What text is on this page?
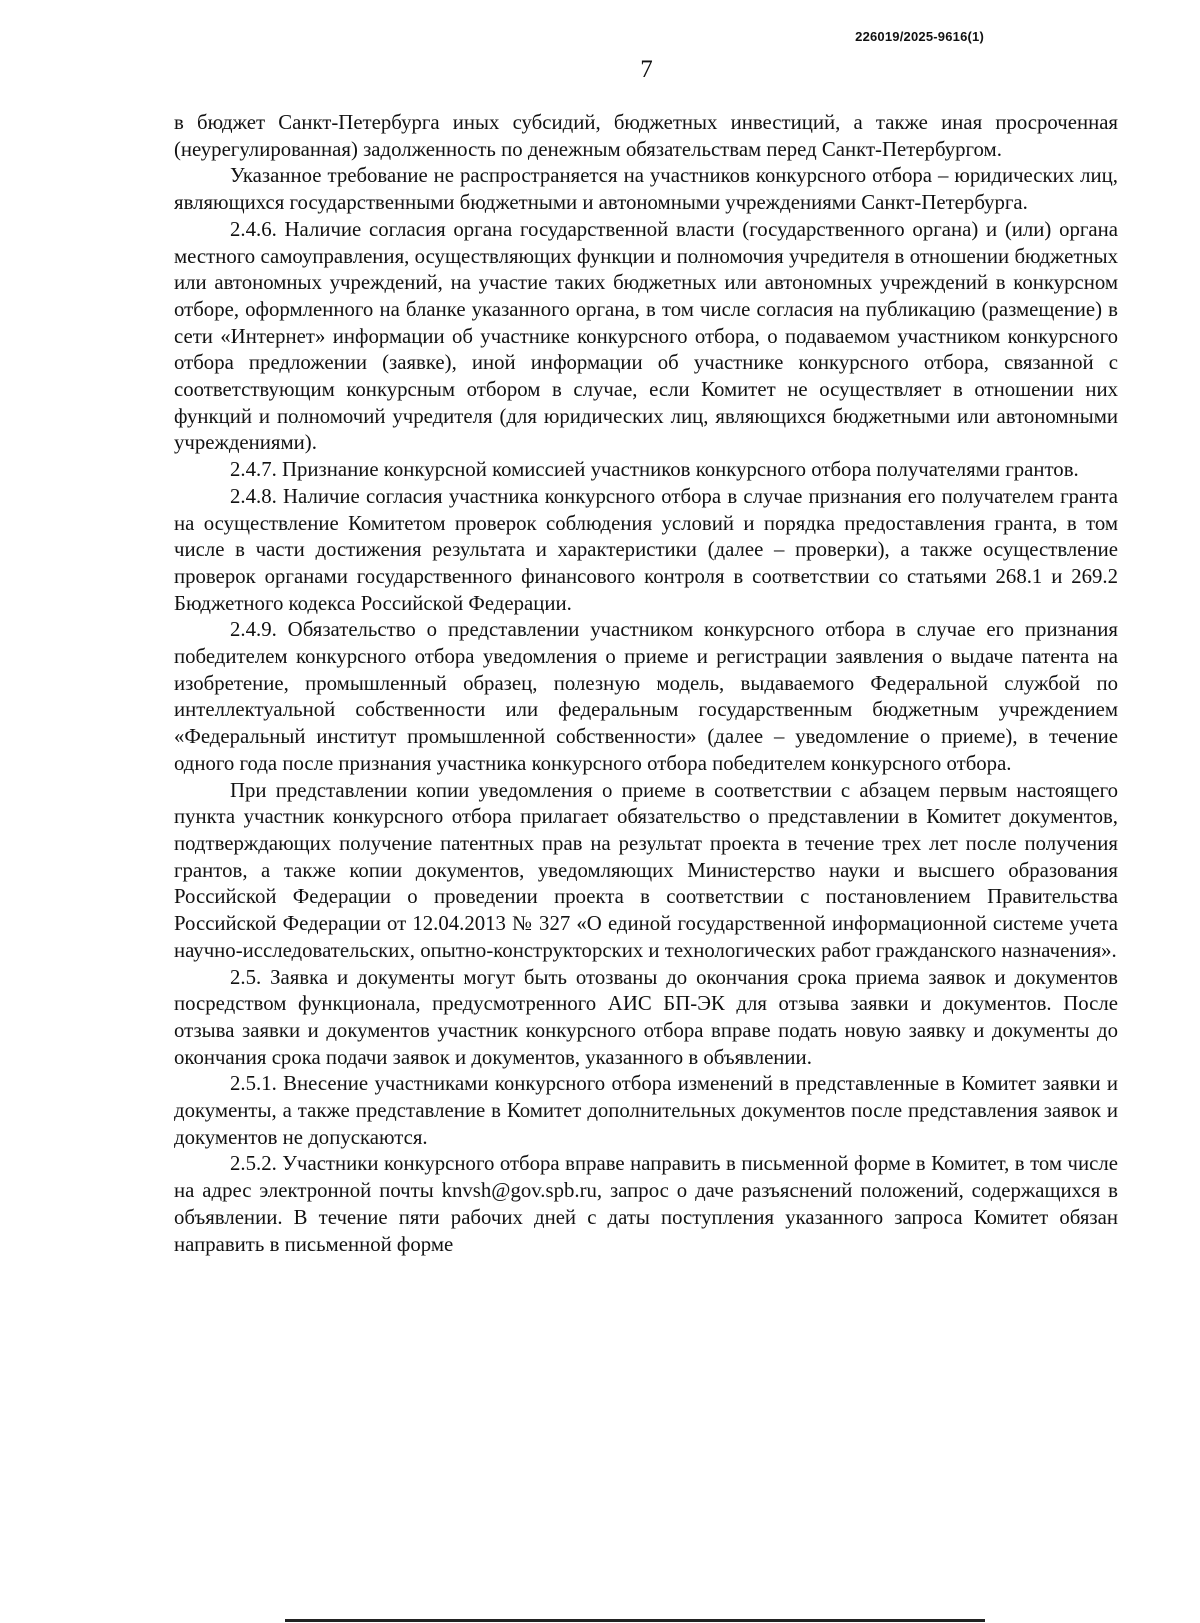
226019/2025-9616(1)
7

в бюджет Санкт-Петербурга иных субсидий, бюджетных инвестиций, а также иная просроченная (неурегулированная) задолженность по денежным обязательствам перед Санкт-Петербургом.

Указанное требование не распространяется на участников конкурсного отбора – юридических лиц, являющихся государственными бюджетными и автономными учреждениями Санкт-Петербурга.

2.4.6. Наличие согласия органа государственной власти (государственного органа) и (или) органа местного самоуправления, осуществляющих функции и полномочия учредителя в отношении бюджетных или автономных учреждений, на участие таких бюджетных или автономных учреждений в конкурсном отборе, оформленного на бланке указанного органа, в том числе согласия на публикацию (размещение) в сети «Интернет» информации об участнике конкурсного отбора, о подаваемом участником конкурсного отбора предложении (заявке), иной информации об участнике конкурсного отбора, связанной с соответствующим конкурсным отбором в случае, если Комитет не осуществляет в отношении них функций и полномочий учредителя (для юридических лиц, являющихся бюджетными или автономными учреждениями).

2.4.7. Признание конкурсной комиссией участников конкурсного отбора получателями грантов.

2.4.8. Наличие согласия участника конкурсного отбора в случае признания его получателем гранта на осуществление Комитетом проверок соблюдения условий и порядка предоставления гранта, в том числе в части достижения результата и характеристики (далее – проверки), а также осуществление проверок органами государственного финансового контроля в соответствии со статьями 268.1 и 269.2 Бюджетного кодекса Российской Федерации.

2.4.9. Обязательство о представлении участником конкурсного отбора в случае его признания победителем конкурсного отбора уведомления о приеме и регистрации заявления о выдаче патента на изобретение, промышленный образец, полезную модель, выдаваемого Федеральной службой по интеллектуальной собственности или федеральным государственным бюджетным учреждением «Федеральный институт промышленной собственности» (далее – уведомление о приеме), в течение одного года после признания участника конкурсного отбора победителем конкурсного отбора.

При представлении копии уведомления о приеме в соответствии с абзацем первым настоящего пункта участник конкурсного отбора прилагает обязательство о представлении в Комитет документов, подтверждающих получение патентных прав на результат проекта в течение трех лет после получения грантов, а также копии документов, уведомляющих Министерство науки и высшего образования Российской Федерации о проведении проекта в соответствии с постановлением Правительства Российской Федерации от 12.04.2013 № 327 «О единой государственной информационной системе учета научно-исследовательских, опытно-конструкторских и технологических работ гражданского назначения».

2.5. Заявка и документы могут быть отозваны до окончания срока приема заявок и документов посредством функционала, предусмотренного АИС БП-ЭК для отзыва заявки и документов. После отзыва заявки и документов участник конкурсного отбора вправе подать новую заявку и документы до окончания срока подачи заявок и документов, указанного в объявлении.

2.5.1. Внесение участниками конкурсного отбора изменений в представленные в Комитет заявки и документы, а также представление в Комитет дополнительных документов после представления заявок и документов не допускаются.

2.5.2. Участники конкурсного отбора вправе направить в письменной форме в Комитет, в том числе на адрес электронной почты knvsh@gov.spb.ru, запрос о даче разъяснений положений, содержащихся в объявлении. В течение пяти рабочих дней с даты поступления указанного запроса Комитет обязан направить в письменной форме
